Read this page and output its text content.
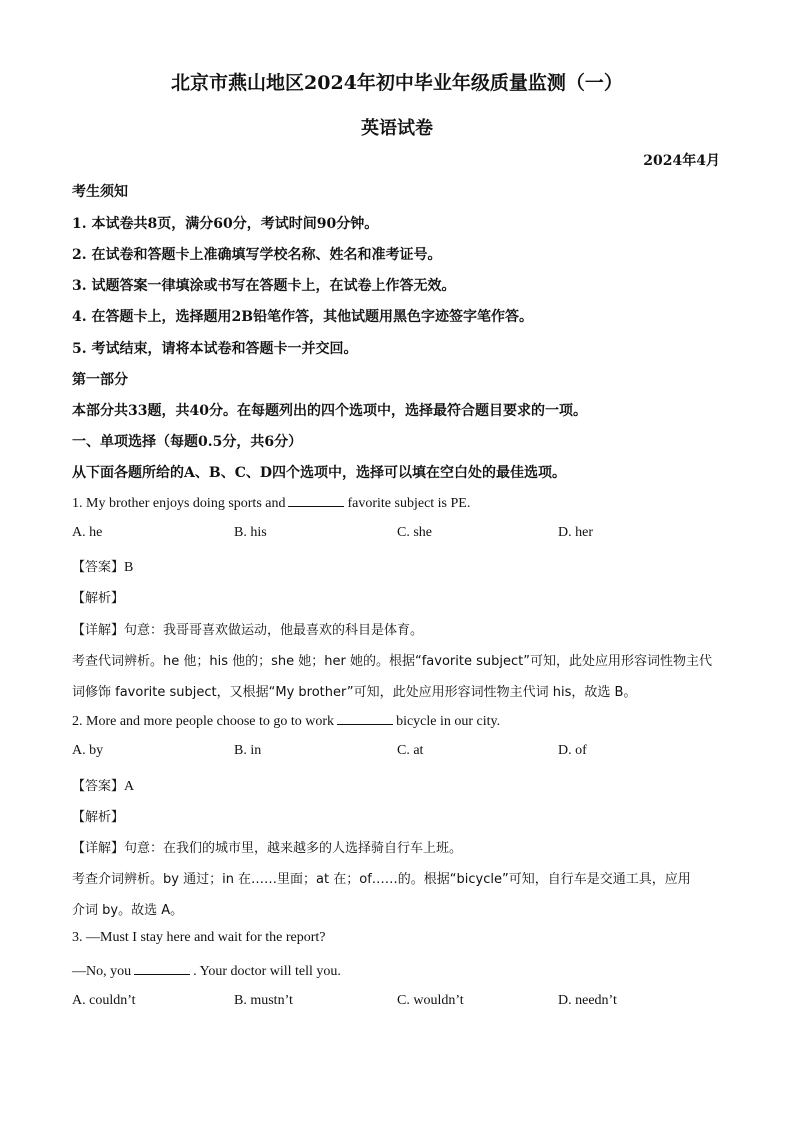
北京市燕山地区2024年初中毕业年级质量监测（一）
英语试卷
2024年4月
考生须知
1. 本试卷共8页，满分60分，考试时间90分钟。
2. 在试卷和答题卡上准确填写学校名称、姓名和准考证号。
3. 试题答案一律填涂或书写在答题卡上，在试卷上作答无效。
4. 在答题卡上，选择题用2B铅笔作答，其他试题用黑色字迹签字笔作答。
5. 考试结束，请将本试卷和答题卡一并交回。
第一部分
本部分共33题，共40分。在每题列出的四个选项中，选择最符合题目要求的一项。
一、单项选择（每题0.5分，共6分）
从下面各题所给的A、B、C、D四个选项中，选择可以填在空白处的最佳选项。
1. My brother enjoys doing sports and	favorite subject is PE.
A. he	B. his	C. she	D. her
【答案】B
【解析】
【详解】句意：我哥哥喜欢做运动，他最喜欢的科目是体育。
考查代词辨析。he 他；his 他的；she 她；her 她的。根据“favorite subject”可知，此处应用形容词性物主代
词修饰 favorite subject，又根据“My brother”可知，此处应用形容词性物主代词 his，故选 B。
2. More and more people choose to go to work	bicycle in our city.
A. by	B. in	C. at	D. of
【答案】A
【解析】
【详解】句意：在我们的城市里，越来越多的人选择骑自行车上班。
考查介词辨析。by 通过；in 在……里面；at 在；of……的。根据“bicycle”可知，自行车是交通工具，应用
介词 by。故选 A。
3. —Must I stay here and wait for the report?
—No, you	. Your doctor will tell you.
A. couldn’t	B. mustn’t	C. wouldn’t	D. needn’t
